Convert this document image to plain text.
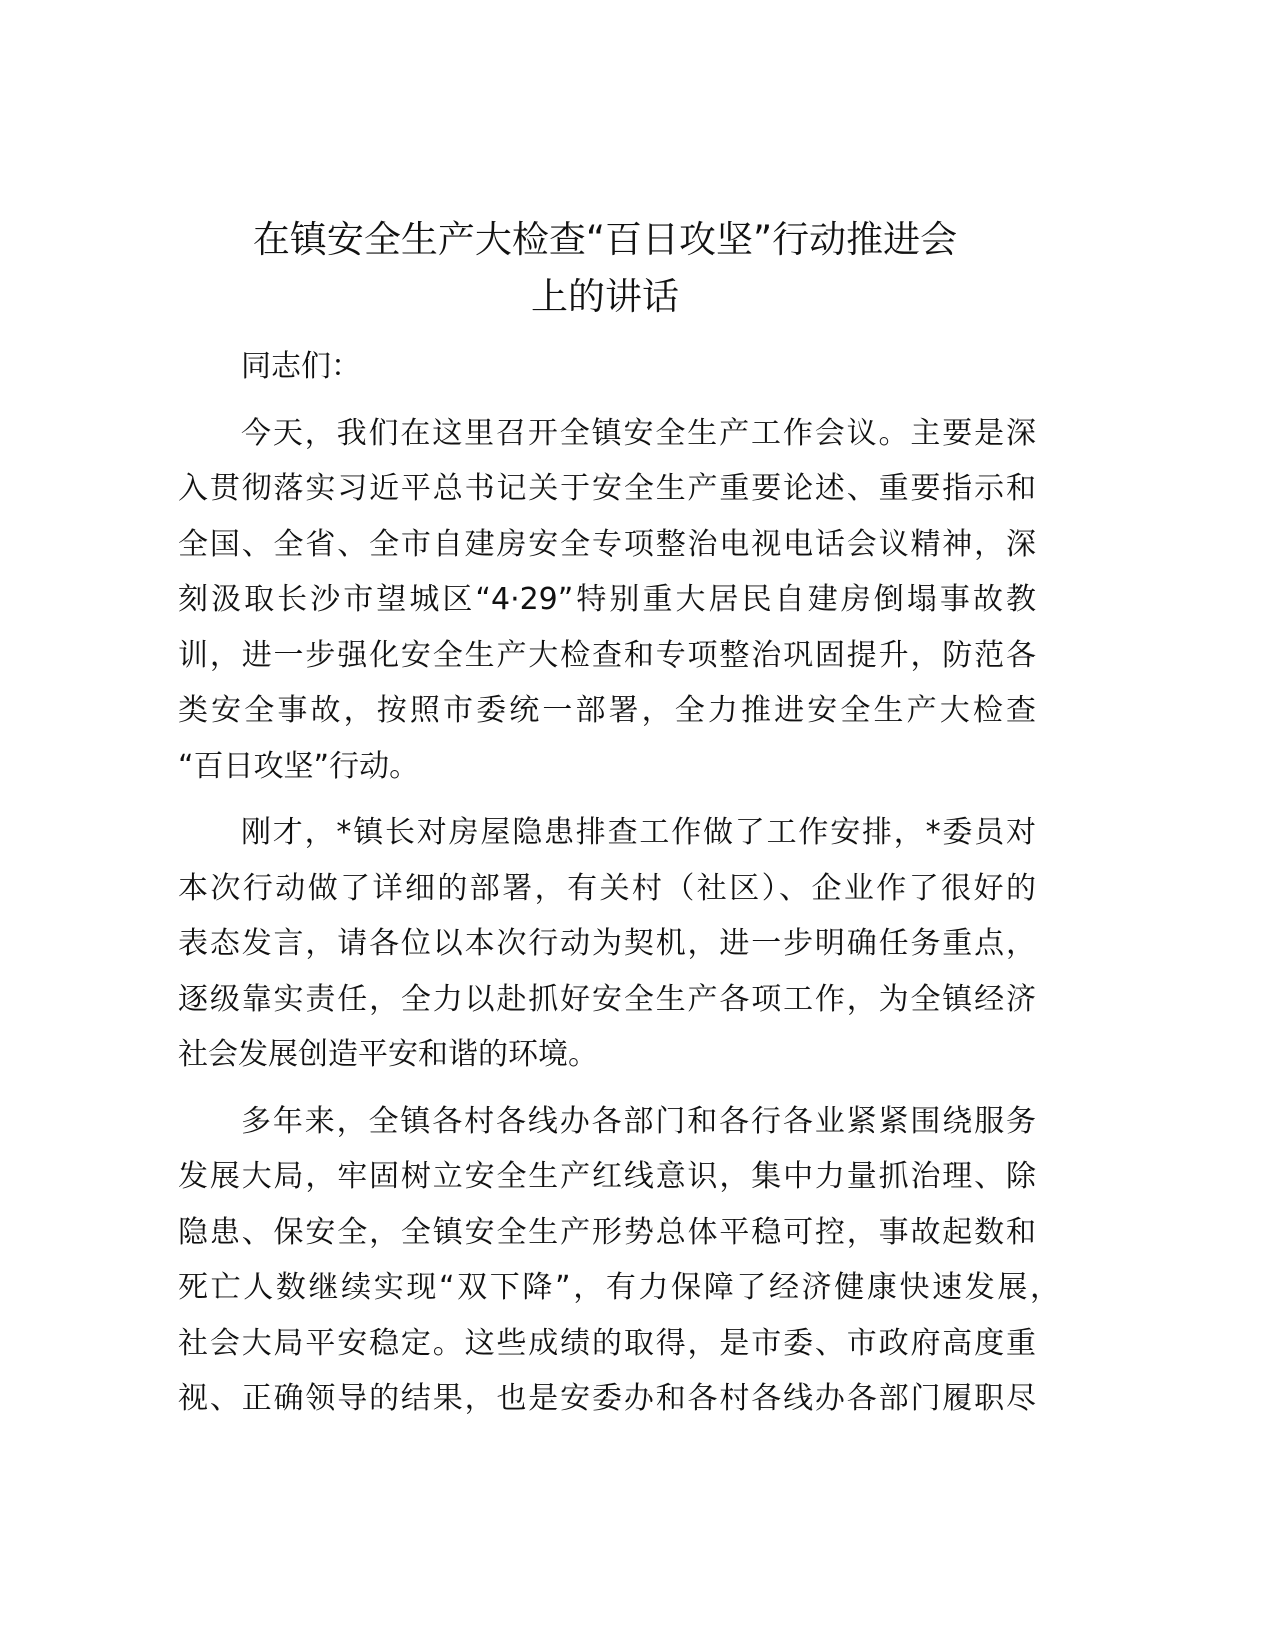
在镇安全生产大检查“百日攻坚”行动推进会
上的讲话
同志们：
今天，我们在这里召开全镇安全生产工作会议。主要是深
入贯彻落实习近平总书记关于安全生产重要论述、重要指示和
全国、全省、全市自建房安全专项整治电视电话会议精神，深
刻汲取长沙市望城区“4·29”特别重大居民自建房倒塌事故教
训，进一步强化安全生产大检查和专项整治巩固提升，防范各
类安全事故，按照市委统一部署，全力推进安全生产大检查
“百日攻坚”行动。
刚才，*镇长对房屋隐患排查工作做了工作安排，*委员对
本次行动做了详细的部署，有关村（社区）、企业作了很好的
表态发言，请各位以本次行动为契机，进一步明确任务重点，
逐级靠实责任，全力以赴抓好安全生产各项工作，为全镇经济
社会发展创造平安和谐的环境。
多年来，全镇各村各线办各部门和各行各业紧紧围绕服务
发展大局，牢固树立安全生产红线意识，集中力量抓治理、除
隐患、保安全，全镇安全生产形势总体平稳可控，事故起数和
死亡人数继续实现“双下降”，有力保障了经济健康快速发展，
社会大局平安稳定。这些成绩的取得，是市委、市政府高度重
视、正确领导的结果，也是安委办和各村各线办各部门履职尽
